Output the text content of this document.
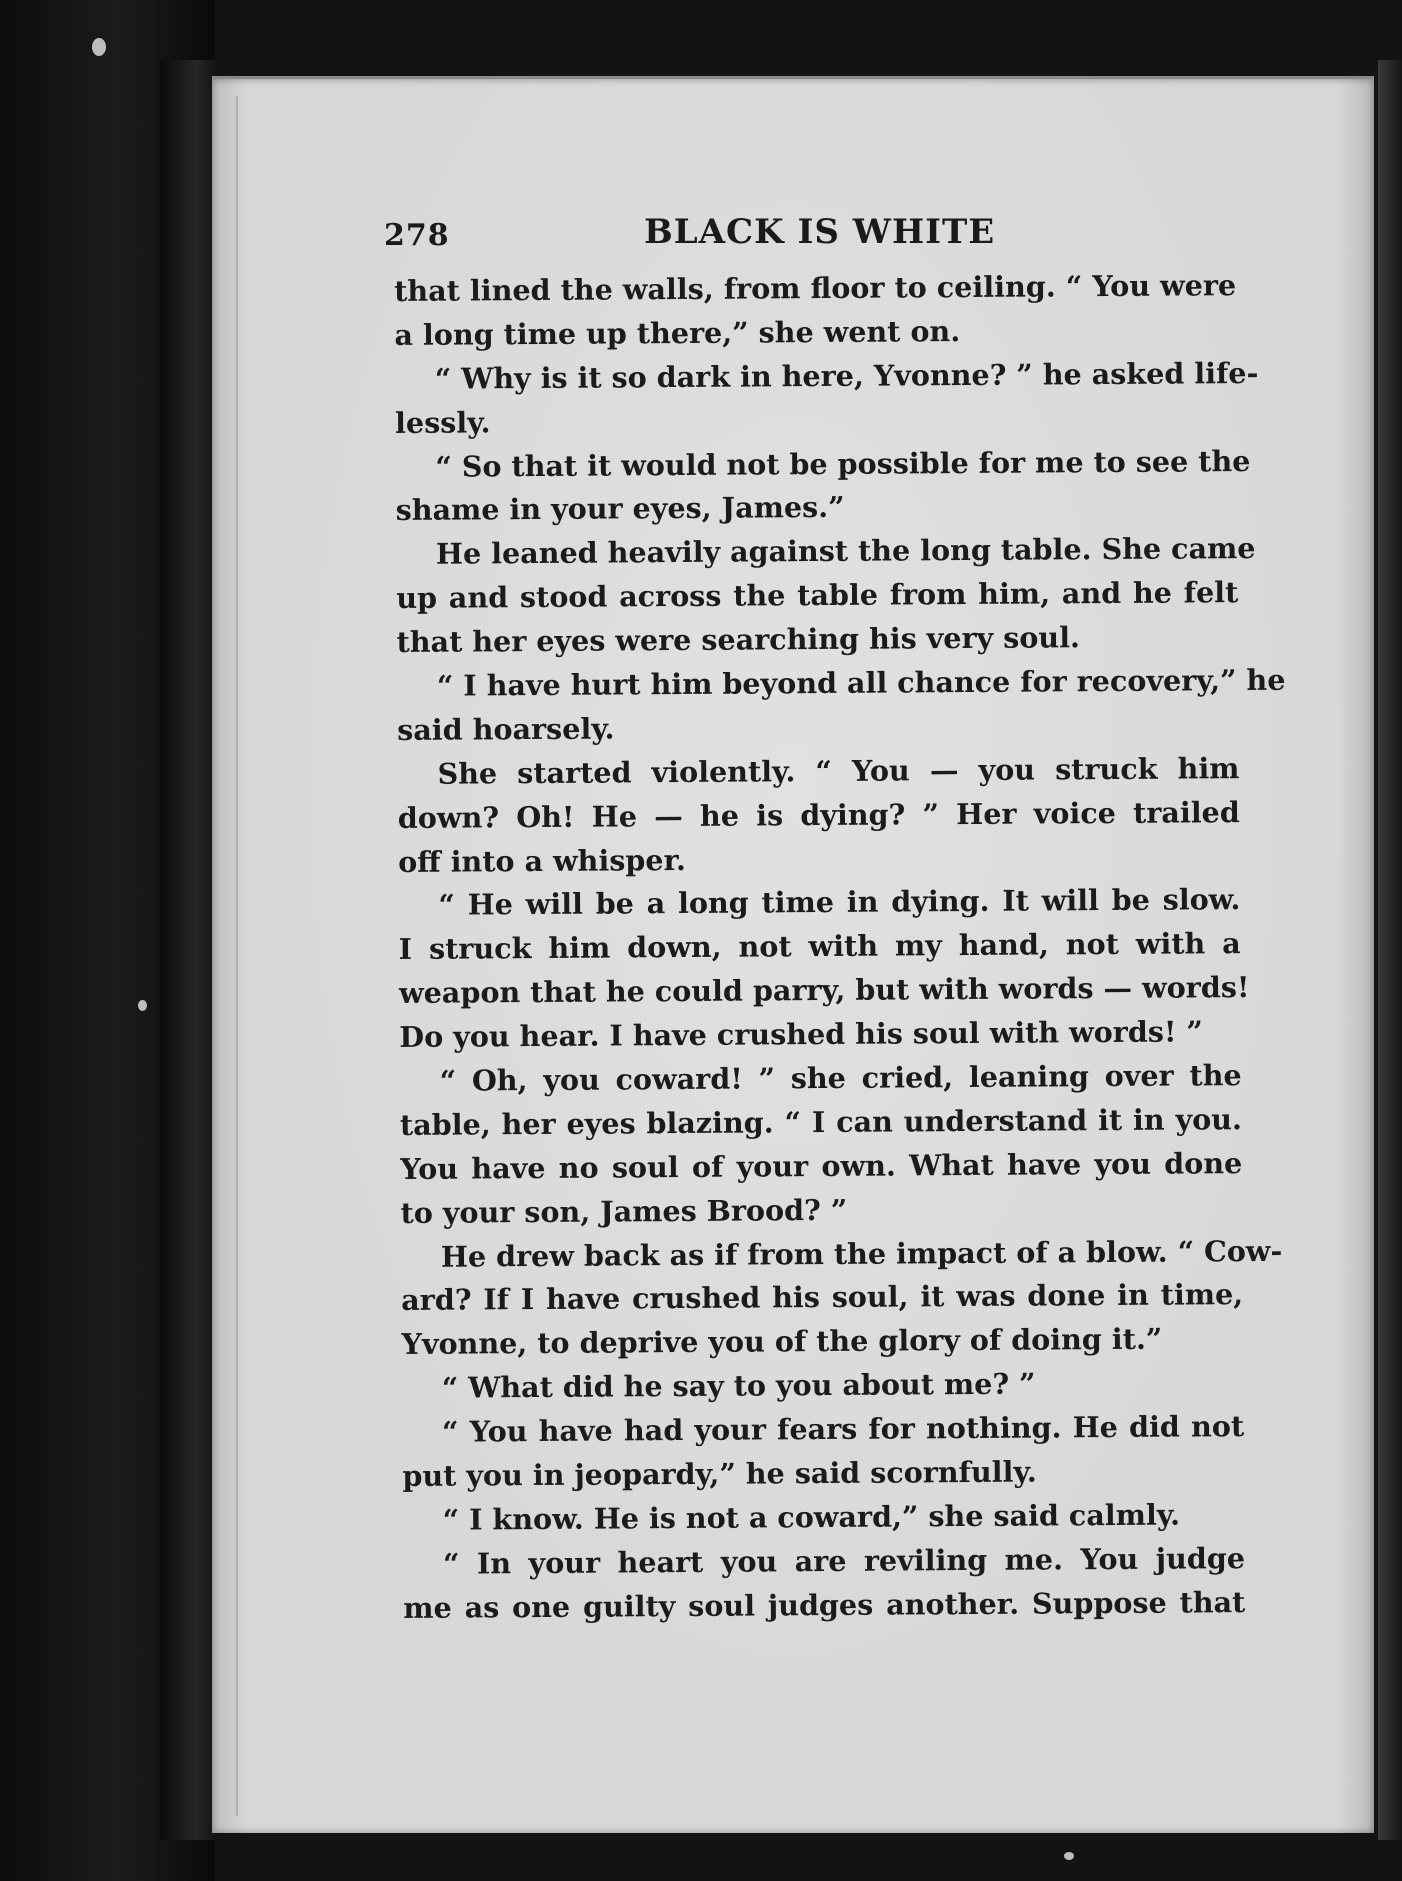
278	BLACK IS WHITE
that lined the walls, from floor to ceiling. “ You were
a long time up there,” she went on.
“ Why is it so dark in here, Yvonne? ” he asked life-
lessly.
“ So that it would not be possible for me to see the
shame in your eyes, James.”
He leaned heavily against the long table. She came
up and stood across the table from him, and he felt
that her eyes were searching his very soul.
“ I have hurt him beyond all chance for recovery,” he
said hoarsely.
She started violently. “ You — you struck him
down? Oh! He — he is dying? ” Her voice trailed
off into a whisper.
“ He will be a long time in dying. It will be slow.
I struck him down, not with my hand, not with a
weapon that he could parry, but with words — words!
Do you hear. I have crushed his soul with words! ”
“ Oh, you coward! ” she cried, leaning over the
table, her eyes blazing. “ I can understand it in you.
You have no soul of your own. What have you done
to your son, James Brood? ”
He drew back as if from the impact of a blow. “ Cow-
ard? If I have crushed his soul, it was done in time,
Yvonne, to deprive you of the glory of doing it.”
“ What did he say to you about me? ”
“ You have had your fears for nothing. He did not
put you in jeopardy,” he said scornfully.
“ I know. He is not a coward,” she said calmly.
“ In your heart you are reviling me. You judge
me as one guilty soul judges another. Suppose that
